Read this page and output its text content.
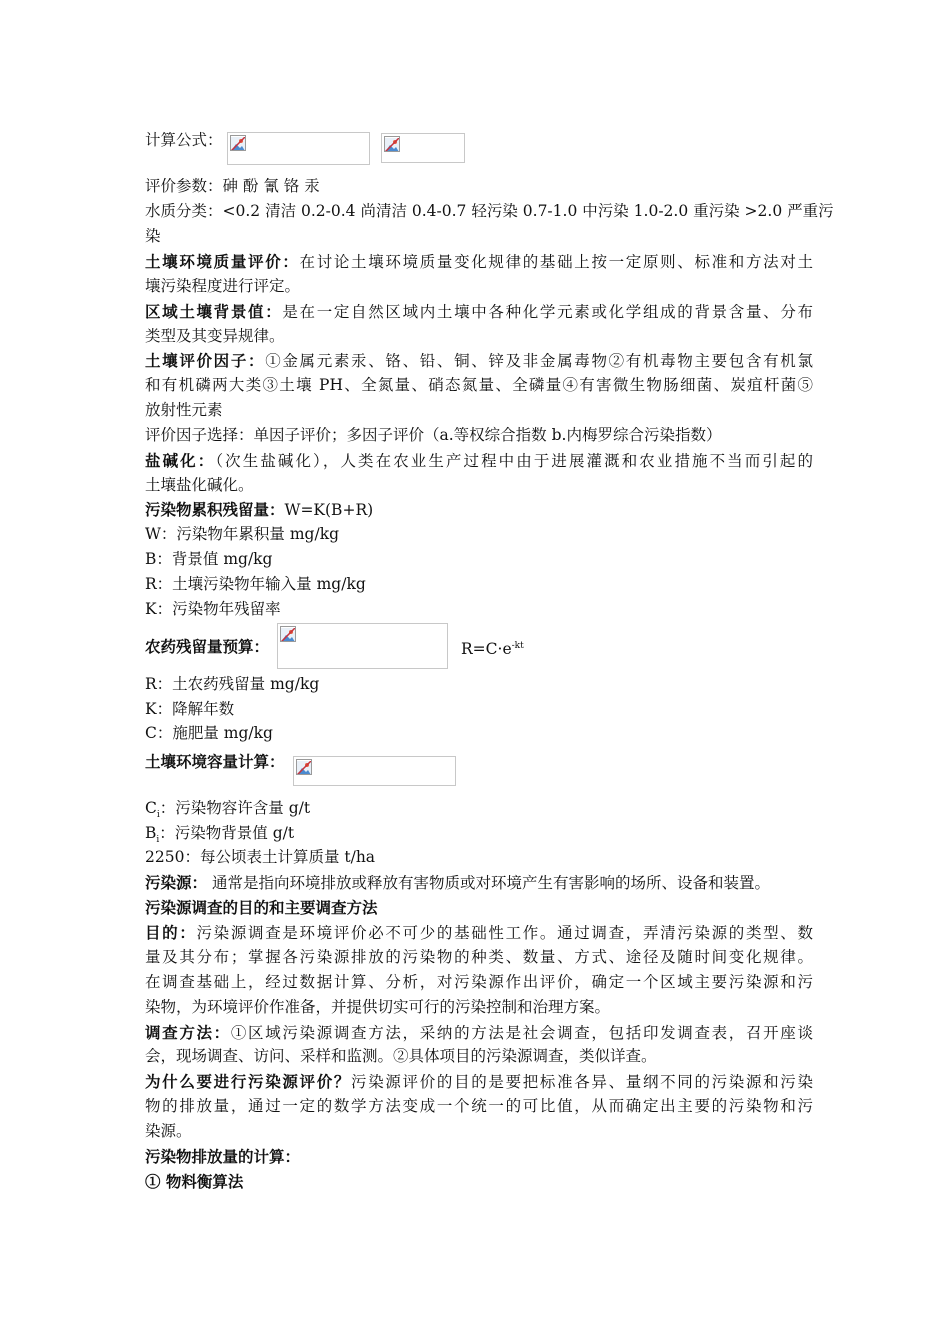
计算公式：
评价参数：砷 酚 氰 铬 汞
水质分类：<0.2 清洁 0.2-0.4 尚清洁 0.4-0.7 轻污染 0.7-1.0 中污染 1.0-2.0 重污染 >2.0 严重污
染
土壤环境质量评价：在讨论土壤环境质量变化规律的基础上按一定原则、标准和方法对土
壤污染程度进行评定。
区域土壤背景值：是在一定自然区域内土壤中各种化学元素或化学组成的背景含量、分布
类型及其变异规律。
土壤评价因子：①金属元素汞、铬、铅、铜、锌及非金属毒物②有机毒物主要包含有机氯
和有机磷两大类③土壤 PH、全氮量、硝态氮量、全磷量④有害微生物肠细菌、炭疽杆菌⑤
放射性元素
评价因子选择：单因子评价；多因子评价（a.等权综合指数 b.内梅罗综合污染指数）
盐碱化：（次生盐碱化），人类在农业生产过程中由于进展灌溉和农业措施不当而引起的
土壤盐化碱化。
污染物累积残留量：W=K(B+R)
W：污染物年累积量 mg/kg
B：背景值 mg/kg
R：土壤污染物年输入量 mg/kg
K：污染物年残留率
农药残留量预算：	$R=C\cdot e^{-kt}$
R：土农药残留量 mg/kg
K：降解年数
C：施肥量 mg/kg
土壤环境容量计算：
$C_i$：污染物容许含量 g/t
$B_i$：污染物背景值 g/t
2250：每公顷表土计算质量 t/ha
污染源： 通常是指向环境排放或释放有害物质或对环境产生有害影响的场所、设备和装置。
污染源调查的目的和主要调查方法
目的：污染源调查是环境评价必不可少的基础性工作。通过调查，弄清污染源的类型、数
量及其分布；掌握各污染源排放的污染物的种类、数量、方式、途径及随时间变化规律。
在调查基础上，经过数据计算、分析，对污染源作出评价，确定一个区域主要污染源和污
染物，为环境评价作准备，并提供切实可行的污染控制和治理方案。
调查方法：①区域污染源调查方法，采纳的方法是社会调查，包括印发调查表，召开座谈
会，现场调查、访问、采样和监测。②具体项目的污染源调查，类似详查。
为什么要进行污染源评价？污染源评价的目的是要把标准各异、量纲不同的污染源和污染
物的排放量，通过一定的数学方法变成一个统一的可比值，从而确定出主要的污染物和污
染源。
污染物排放量的计算：
① 物料衡算法
